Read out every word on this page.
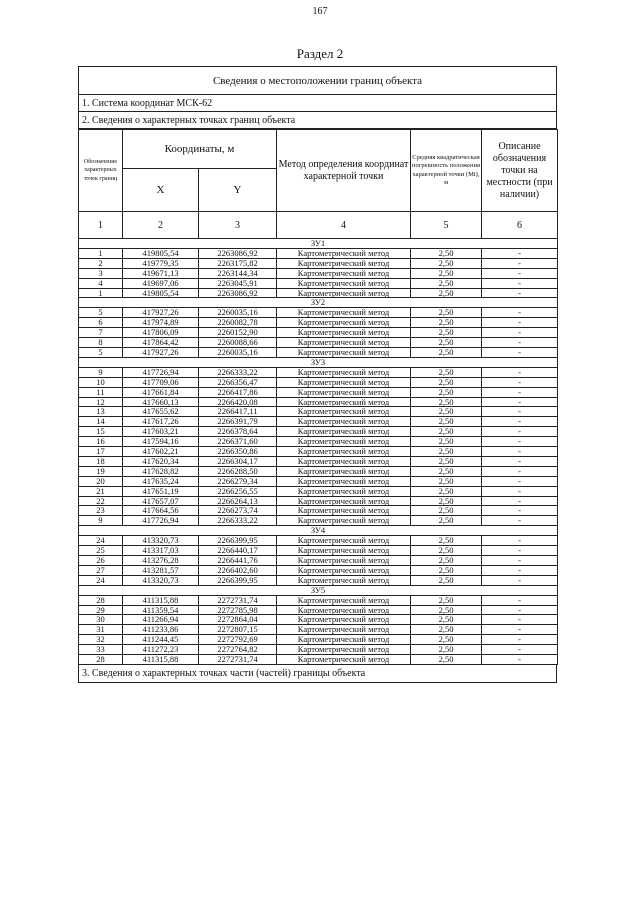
167
Раздел 2
Сведения о местоположении границ объекта
1. Система координат МСК-62
2. Сведения о характерных точках границ объекта
Обозначение характерных точек границ	Координаты, м		Метод определения координат характерной точки	Средняя квадратическая погрешность положения характерной точки (Mt), м	Описание обозначения точки на местности (при наличии)
	X	Y			
1	2	3	4	5	6
ЗУ1					
1	419805,54	2263086,92	Картометрический метод	2,50	-
2	419779,35	2263175,82	Картометрический метод	2,50	-
3	419671,13	2263144,34	Картометрический метод	2,50	-
4	419697,06	2263045,91	Картометрический метод	2,50	-
1	419805,54	2263086,92	Картометрический метод	2,50	-
ЗУ2					
5	417927,26	2260035,16	Картометрический метод	2,50	-
6	417974,89	2260082,78	Картометрический метод	2,50	-
7	417806,09	2260152,90	Картометрический метод	2,50	-
8	417864,42	2260088,66	Картометрический метод	2,50	-
5	417927,26	2260035,16	Картометрический метод	2,50	-
ЗУ3					
9	417726,94	2266333,22	Картометрический метод	2,50	-
10	417709,06	2266356,47	Картометрический метод	2,50	-
11	417661,84	2266417,86	Картометрический метод	2,50	-
12	417660,13	2266420,08	Картометрический метод	2,50	-
13	417655,62	2266417,11	Картометрический метод	2,50	-
14	417617,26	2266391,79	Картометрический метод	2,50	-
15	417603,21	2266378,64	Картометрический метод	2,50	-
16	417594,16	2266371,60	Картометрический метод	2,50	-
17	417602,21	2266350,86	Картометрический метод	2,50	-
18	417620,34	2266304,17	Картометрический метод	2,50	-
19	417628,82	2266288,50	Картометрический метод	2,50	-
20	417635,24	2266279,34	Картометрический метод	2,50	-
21	417651,19	2266256,55	Картометрический метод	2,50	-
22	417657,07	2266264,13	Картометрический метод	2,50	-
23	417664,56	2266273,74	Картометрический метод	2,50	-
9	417726,94	2266333,22	Картометрический метод	2,50	-
ЗУ4					
24	413320,73	2266399,95	Картометрический метод	2,50	-
25	413317,03	2266440,17	Картометрический метод	2,50	-
26	413276,28	2266441,76	Картометрический метод	2,50	-
27	413281,57	2266402,60	Картометрический метод	2,50	-
24	413320,73	2266399,95	Картометрический метод	2,50	-
ЗУ5					
28	411315,88	2272731,74	Картометрический метод	2,50	-
29	411359,54	2272785,98	Картометрический метод	2,50	-
30	411266,94	2272864,04	Картометрический метод	2,50	-
31	411233,86	2272807,15	Картометрический метод	2,50	-
32	411244,45	2272792,69	Картометрический метод	2,50	-
33	411272,23	2272764,82	Картометрический метод	2,50	-
28	411315,88	2272731,74	Картометрический метод	2,50	-
3. Сведения о характерных точках части (частей) границы объекта
